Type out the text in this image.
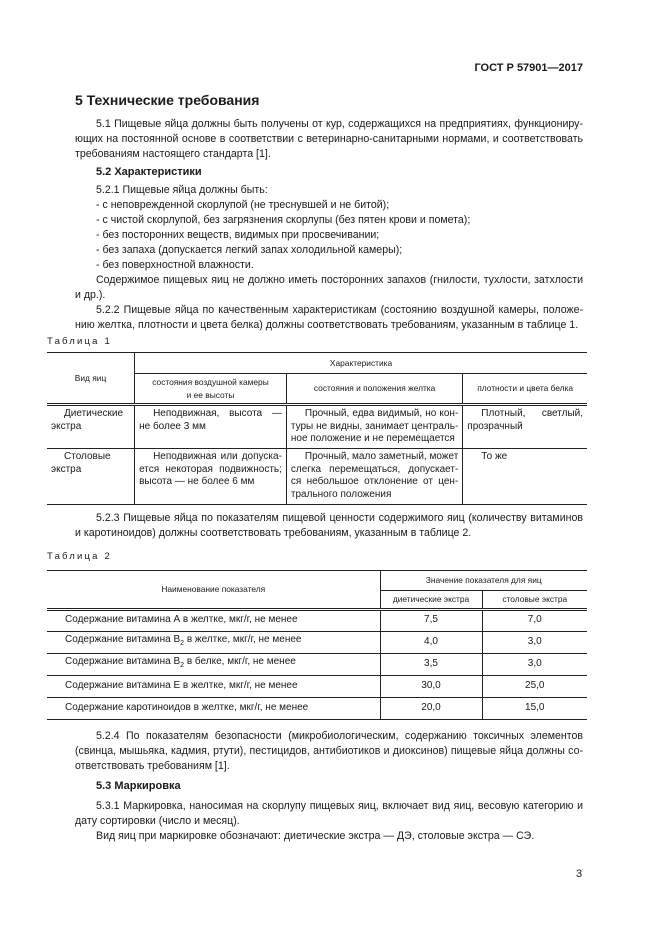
ГОСТ Р 57901—2017
5 Технические требования
5.1 Пищевые яйца должны быть получены от кур, содержащихся на предприятиях, функциониру-
ющих на постоянной основе в соответствии с ветеринарно-санитарными нормами, и соответствовать
требованиям настоящего стандарта [1].
5.2 Характеристики
5.2.1 Пищевые яйца должны быть:
- с неповрежденной скорлупой (не треснувшей и не битой);
- с чистой скорлупой, без загрязнения скорлупы (без пятен крови и помета);
- без посторонних веществ, видимых при просвечивании;
- без запаха (допускается легкий запах холодильной камеры);
- без поверхностной влажности.
Содержимое пищевых яиц не должно иметь посторонних запахов (гнилости, тухлости, затхлости
и др.).
5.2.2 Пищевые яйца по качественным характеристикам (состоянию воздушной камеры, положе-
нию желтка, плотности и цвета белка) должны соответствовать требованиям, указанным в таблице 1.
Таблица 1
Вид яиц	Характеристика		

	состояния воздушной камеры
и ее высоты	состояния и положения желтка	плотности и цвета белка

Диетические
экстра	Неподвижная, высота —
не более 3 мм	Прочный, едва видимый, но кон-
туры не видны, занимает централь-
ное положение и не перемещается	Плотный, светлый,
прозрачный

Столовые
экстра	Неподвижная или допуска-
ется некоторая подвижность;
высота — не более 6 мм	Прочный, мало заметный, может
слегка перемещаться, допускает-
ся небольшое отклонение от цен-
трального положения	То же
5.2.3 Пищевые яйца по показателям пищевой ценности содержимого яиц (количеству витаминов
и каротиноидов) должны соответствовать требованиям, указанным в таблице 2.
Таблица 2
Наименование показателя	Значение показателя для яиц	
	диетические экстра	столовые экстра
Содержание витамина А в желтке, мкг/г, не менее	7,5	7,0
Содержание витамина $В_2$ в желтке, мкг/г, не менее	4,0	3,0
Содержание витамина $В_2$ в белке, мкг/г, не менее	3,5	3,0
Содержание витамина Е в желтке, мкг/г, не менее	30,0	25,0
Содержание каротиноидов в желтке, мкг/г, не менее	20,0	15,0
5.2.4 По показателям безопасности (микробиологическим, содержанию токсичных элементов
(свинца, мышьяка, кадмия, ртути), пестицидов, антибиотиков и диоксинов) пищевые яйца должны со-
ответствовать требованиям [1].
5.3 Маркировка
5.3.1 Маркировка, наносимая на скорлупу пищевых яиц, включает вид яиц, весовую категорию и
дату сортировки (число и месяц).
Вид яиц при маркировке обозначают: диетические экстра — ДЭ, столовые экстра — СЭ.
3
